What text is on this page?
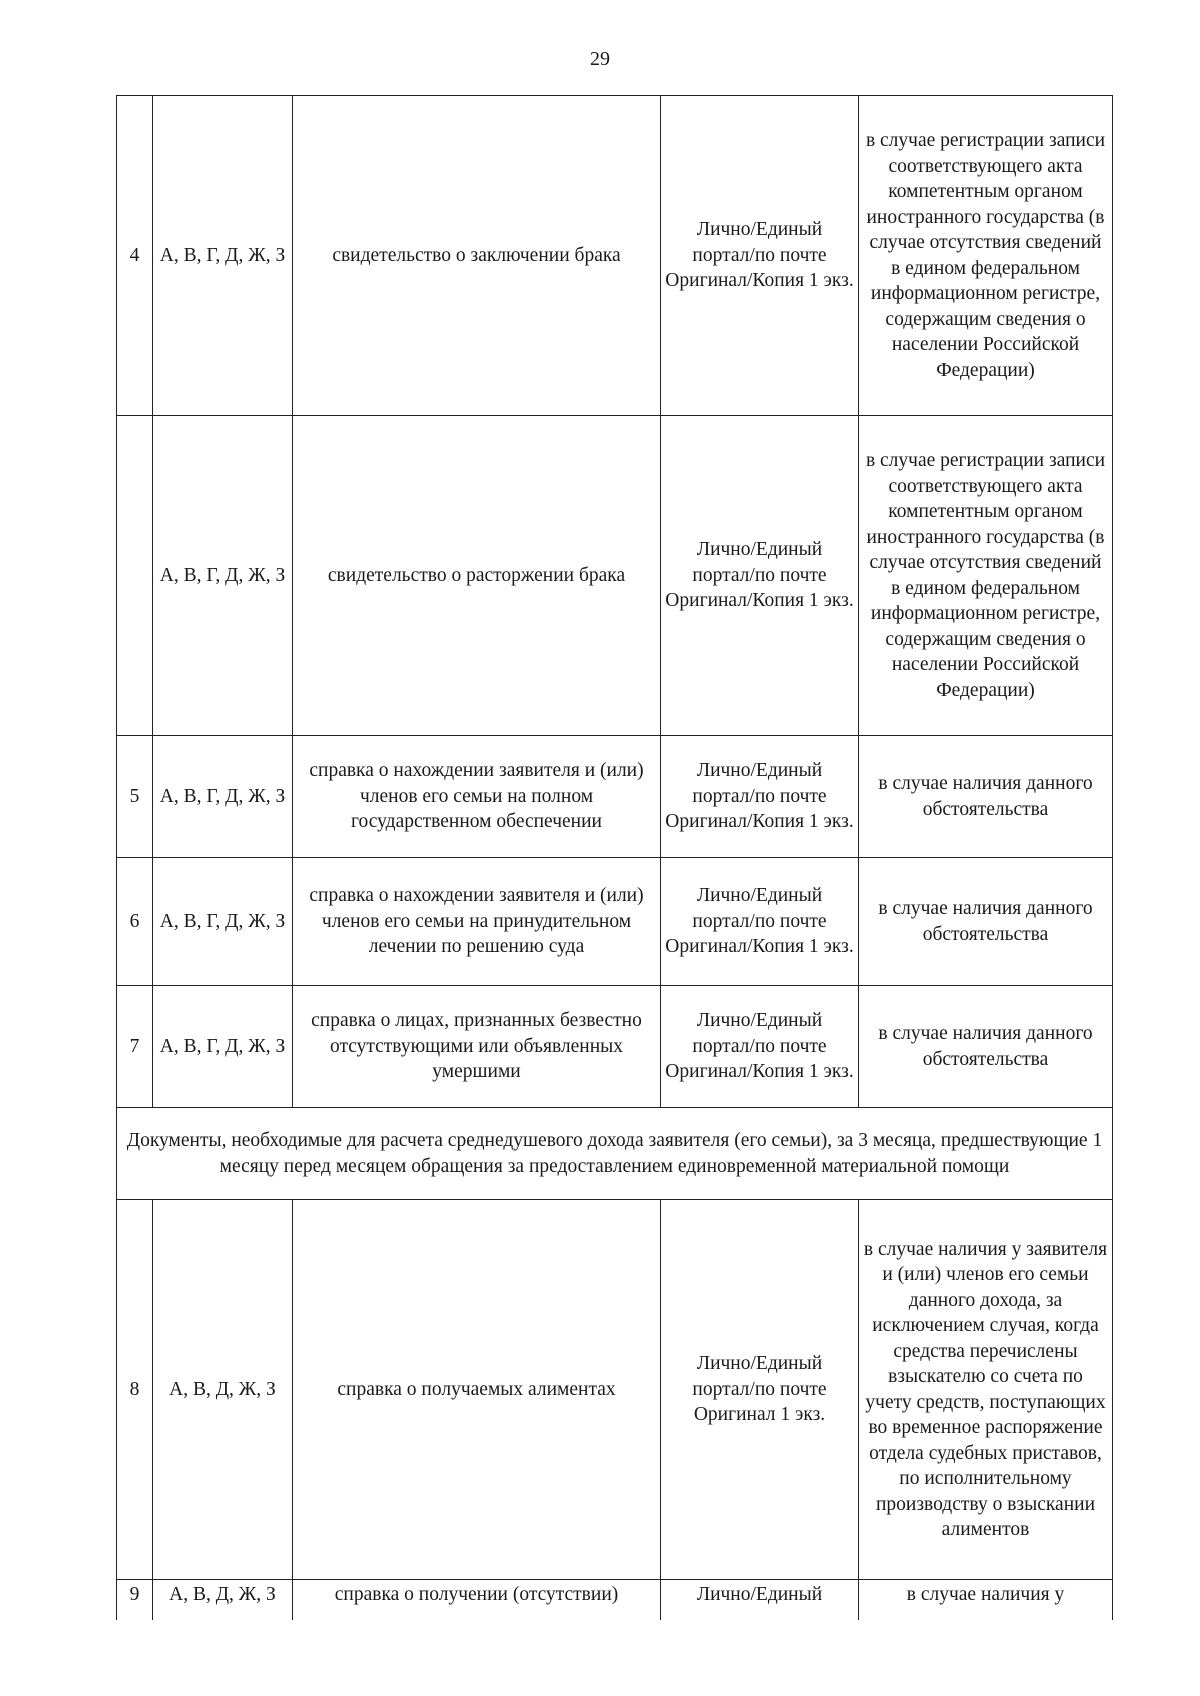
29
4	А, В, Г, Д, Ж, З	свидетельство о заключении брака	Лично/Единый портал/по почте Оригинал/Копия 1 экз.	в случае регистрации записи соответствующего акта компетентным органом иностранного государства (в случае отсутствия сведений в едином федеральном информационном регистре, содержащим сведения о населении Российской Федерации)
	А, В, Г, Д, Ж, З	свидетельство о расторжении брака	Лично/Единый портал/по почте Оригинал/Копия 1 экз.	в случае регистрации записи соответствующего акта компетентным органом иностранного государства (в случае отсутствия сведений в едином федеральном информационном регистре, содержащим сведения о населении Российской Федерации)
5	А, В, Г, Д, Ж, З	справка о нахождении заявителя и (или) членов его семьи на полном государственном обеспечении	Лично/Единый портал/по почте Оригинал/Копия 1 экз.	в случае наличия данного обстоятельства
6	А, В, Г, Д, Ж, З	справка о нахождении заявителя и (или) членов его семьи на принудительном лечении по решению суда	Лично/Единый портал/по почте Оригинал/Копия 1 экз.	в случае наличия данного обстоятельства
7	А, В, Г, Д, Ж, З	справка о лицах, признанных безвестно отсутствующими или объявленных умершими	Лично/Единый портал/по почте Оригинал/Копия 1 экз.	в случае наличия данного обстоятельства
Документы, необходимые для расчета среднедушевого дохода заявителя (его семьи), за 3 месяца, предшествующие 1 месяцу перед месяцем обращения за предоставлением единовременной материальной помощи				
8	А, В, Д, Ж, З	справка о получаемых алиментах	Лично/Единый портал/по почте Оригинал 1 экз.	в случае наличия у заявителя и (или) членов его семьи данного дохода, за исключением случая, когда средства перечислены взыскателю со счета по учету средств, поступающих во временное распоряжение отдела судебных приставов, по исполнительному производству о взыскании алиментов
9	А, В, Д, Ж, З	справка о получении (отсутствии)	Лично/Единый	в случае наличия у
